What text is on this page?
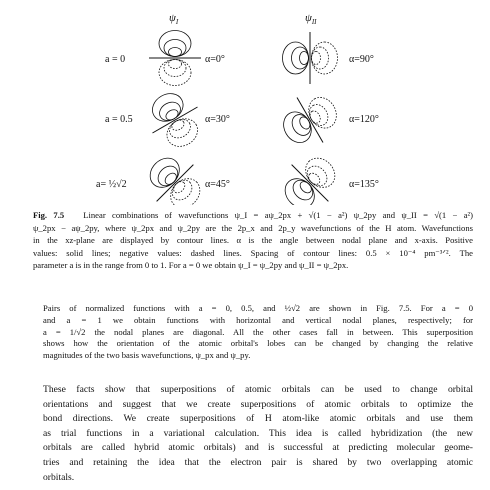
$\psi_I$	$\psi_{II}$
a = 0	α=0°	α=90°
a = 0.5	α=30°	α=120°
a= ½√2	α=45°	α=135°
Fig. 7.5 Linear combinations of wavefunctions ψ_I = aψ_2px + √(1 − a²) ψ_2py and ψ_II = √(1 − a²)
ψ_2px − aψ_2py, where ψ_2px and ψ_2py are the 2p_x and 2p_y wavefunctions of the H atom. Wavefunctions
in the xz-plane are displayed by contour lines. α is the angle between nodal plane and x-axis. Positive
values: solid lines; negative values: dashed lines. Spacing of contour lines: 0.5 × 10⁻⁴ pm⁻³ᐟ². The
parameter a is in the range from 0 to 1. For a = 0 we obtain ψ_I = ψ_2py and ψ_II = ψ_2px.
Pairs of normalized functions with a = 0, 0.5, and ½√2 are shown in Fig. 7.5. For a = 0
and a = 1 we obtain functions with horizontal and vertical nodal planes, respectively; for
a = 1/√2 the nodal planes are diagonal. All the other cases fall in between. This superposition
shows how the orientation of the atomic orbital's lobes can be changed by changing the relative
magnitudes of the two basis wavefunctions, ψ_px and ψ_py.
These facts show that superpositions of atomic orbitals can be used to change orbital
orientations and suggest that we create superpositions of atomic orbitals to optimize the
bond directions. We create superpositions of H atom-like atomic orbitals and use them
as trial functions in a variational calculation. This idea is called hybridization (the new
orbitals are called hybrid atomic orbitals) and is successful at predicting molecular geome-
tries and retaining the idea that the electron pair is shared by two overlapping atomic
orbitals.
